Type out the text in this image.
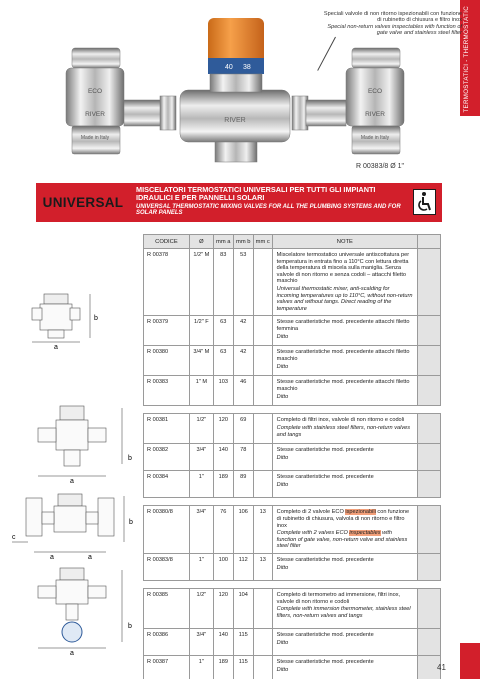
TERMOSTATICI - THERMOSTATIC
Speciali valvole di non ritorno ispezionabili con funzione di rubinetto di chiusura e filtro inox
Special non-return valves inspectables with function of gate valve and stainless steel filter
ECO
RIVER
Made in Italy
RIVER
40 38
ECO
RIVER
Made in Italy
R 00383/8 Ø 1"
UNIVERSAL
MISCELATORI TERMOSTATICI UNIVERSALI PER TUTTI GLI IMPIANTI IDRAULICI E PER PANNELLI SOLARI
UNIVERSAL THERMOSTATIC MIXING VALVES FOR ALL THE PLUMBING SYSTEMS AND FOR SOLAR PANELS
a
b
a
b
c
a	a
b
a
b
CODICE	Ø	mm a	mm b	mm c	NOTE	
R 00378	1/2" M	83	53		Miscelatore termostatico universale antiscottatura per temperatura in entrata fino a 110°C con lettura diretta della temperatura di miscela sulla maniglia. Senza valvole di non ritorno e senza codoli – attacchi filetto maschio
Universal thermostatic mixer, anti-scalding for incoming temperatures up to 110°C, without non-return valves and without tangs. Direct reading of the temperature	

R 00379	1/2" F	63	42		Stesse caratteristiche mod. precedente attacchi filetto femmina
Ditto	

R 00380	3/4" M	63	42		Stesse caratteristiche mod. precedente attacchi filetto maschio
Ditto	

R 00383	1" M	103	46		Stesse caratteristiche mod. precedente attacchi filetto maschio
Ditto	

R 00381	1/2"	120	69		Completo di filtri inox, valvole di non ritorno e codoli
Complete with stainless steel filters, non-return valves and tangs	

R 00382	3/4"	140	78		Stesse caratteristiche mod. precedente
Ditto	

R 00384	1"	189	89		Stesse caratteristiche mod. precedente
Ditto	

R 00380/8	3/4"	76	106	13	Completo di 2 valvole ECO ispezionabili con funzione di rubinetto di chiusura, valvola di non ritorno e filtro inox
Complete with 2 valves ECO inspectables with function of gate valve, non-return valve and stainless steel filter	

R 00383/8	1"	100	112	13	Stesse caratteristiche mod. precedente
Ditto	

R 00385	1/2"	120	104		Completo di termometro ad immersione, filtri inox, valvole di non ritorno e codoli
Complete with immersion thermometer, stainless steel filters, non-return valves and tangs	

R 00386	3/4"	140	115		Stesse caratteristiche mod. precedente
Ditto	

R 00387	1"	189	115		Stesse caratteristiche mod. precedente
Ditto	
		41
